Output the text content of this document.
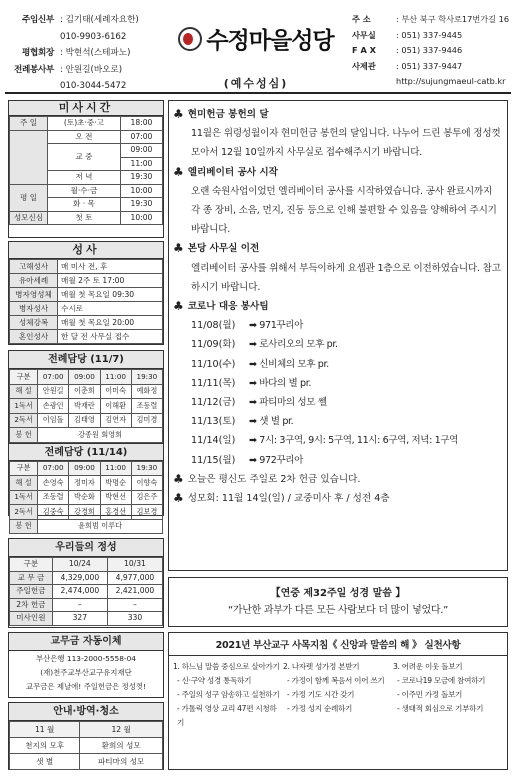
주임신부 : 김기태(세례자요한)
010-9903-6162
평협회장 : 박현석(스테파노)
전례봉사부 : 안원길(바오로)
010-3044-5472
수정마을성당
(예수성심)
주 소	: 부산 북구 학사로17번가길 16
사무실	: 051) 337-9445
F A X	: 051) 337-9446
사제관	: 051) 337-9447
http://sujungmaeul-catb.kr
미사시간
주 일	(토)초·중·고	18:00
	오 전	07:00
	교 중	09:00
		11:00
	저 녁	19:30
평 일	월·수·금	10:00
	화 · 목	19:30
성모신심	첫 토	10:00
성사
고해성사	매 미사 전, 후
유아세례	매월 2주 토 17:00
병자영성체	매월 첫 목요일 09:30
병자성사	수시로
성체강복	매월 첫 목요일 20:00
혼인성사	한 달 전 사무실 접수
전례담당 (11/7)
구분	07:00	09:00	11:00	19:30
해 설	안원길	이춘희	이미숙	예화정
1독서	손광인	박재란	이해환	조동렬
2독서	이임돌	김태영	김연자	김미경
봉 헌	강종원 회영희			
전례담당 (11/14)
구분	07:00	09:00	11:00	19:30
해 설	손영숙	정미자	박명순	이향숙
1독서	조동렬	박순화	박현선	김은주
2독서	김중숙	강경희	홍경선	김보경
봉 헌	윤희범 이루다			
우리들의 정성
구분	10/24	10/31
교 무 금	4,329,000	4,977,000
주일헌금	2,474,000	2,421,000
2차 헌금	–	–
미사인원	327	330
교무금 자동이체
부산은행 113-2000-5558-04
(재)천주교부산교구유지재단
교무금은 제날에! 주일헌금은 정성껏!
안내·방역·청소
11 월	12 월
천지의 모후	환희의 성모
샛 별	파티마의 성모
♣ 현미헌금 봉헌의 달
11월은 위령성월이자 현미헌금 봉헌의 달입니다. 나누어 드린 봉투에 정성껏 모아서 12월 10일까지 사무실로 접수해주시기 바랍니다.
♣ 엘리베이터 공사 시작
오랜 숙원사업이었던 엘리베이터 공사를 시작하였습니다. 공사 완료시까지 각 종 장비, 소음, 먼지, 진동 등으로 인해 불편할 수 있음을 양해하여 주시기 바랍니다.
♣ 본당 사무실 이전
엘리베이터 공사를 위해서 부득이하게 요셉관 1층으로 이전하였습니다. 참고하시기 바랍니다.
♣ 코로나 대응 봉사팀
11/08(월)	➡ 971꾸리아
11/09(화)	➡ 로사리오의 모후 pr.
11/10(수)	➡ 신비체의 모후 pr.
11/11(목)	➡ 바다의 별 pr.
11/12(금)	➡ 파티마의 성모 쎌
11/13(토)	➡ 샛 별 pr.
11/14(일)	➡ 7시: 3구역, 9시: 5구역, 11시: 6구역, 저녁: 1구역
11/15(월)	➡ 972꾸리아
♣ 오늘은 평신도 주일로 2차 헌금 있습니다.
♣ 성모회: 11월 14일(일) / 교중미사 후 / 성전 4층
【연중 제32주일 성경 말씀 】
“가난한 과부가 다른 모든 사람보다 더 많이 넣었다.”
2021년 부산교구 사목지침《 신앙과 말씀의 해 》 실천사항
1. 하느님 말씀 중심으로 살아가기
- 신·구약 성경 통독하기
- 주일의 성구 암송하고 실천하기
- 가톨릭 영상 교리 47편 시청하기
2. 나자렛 성가정 본받기
- 가정이 함께 복음서 이어 쓰기
- 가정 기도 시간 갖기
- 가정 성지 순례하기
3. 어려운 이웃 돌보기
- 코로나19 모금에 참여하기
- 이주민 가정 돌보기
- 생태적 회심으로 기부하기
